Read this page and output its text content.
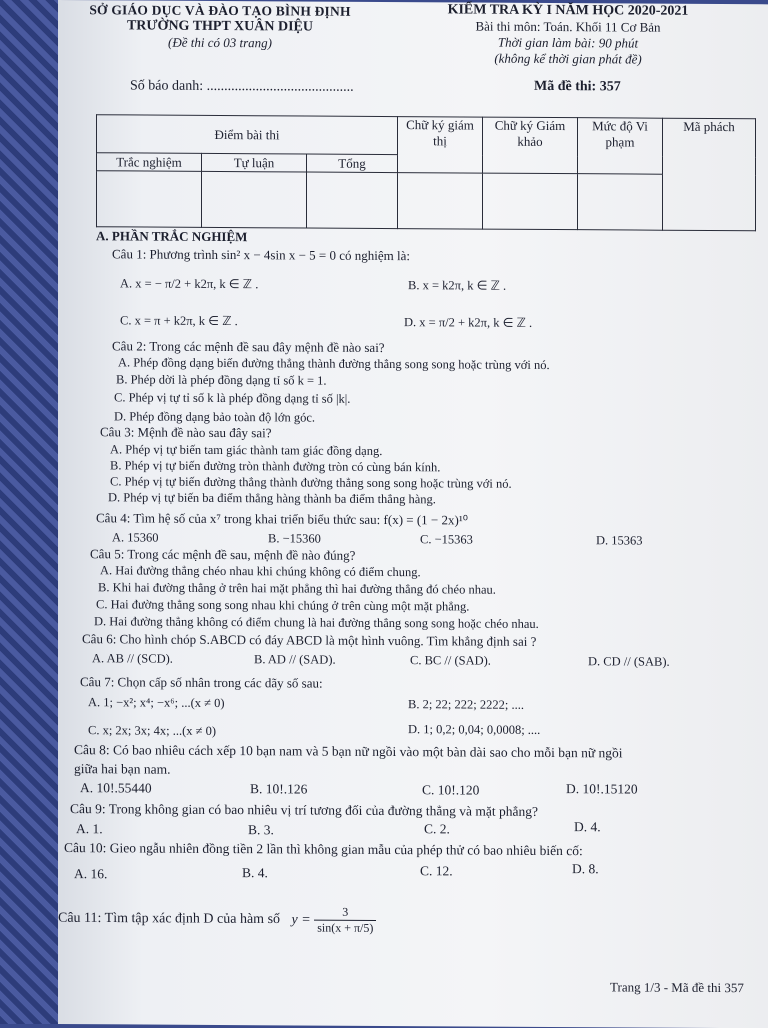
SỞ GIÁO DỤC VÀ ĐÀO TẠO BÌNH ĐỊNH
TRƯỜNG THPT XUÂN DIỆU
(Đề thi có 03 trang)
KIỂM TRA KỲ I NĂM HỌC 2020-2021
Bài thi môn: Toán. Khối 11 Cơ Bản
Thời gian làm bài: 90 phút
(không kể thời gian phát đề)
Số báo danh: ..........................................	Mã đề thi: 357
Điểm bài thi			Chữ ký giám thị	Chữ ký Giám khảo	Mức độ Vi phạm	Mã phách
Trắc nghiệm	Tự luận	Tổng				

A. PHẦN TRẮC NGHIỆM
Câu 1: Phương trình sin² x − 4sin x − 5 = 0 có nghiệm là:
A. x = − π/2 + k2π, k ∈ ℤ .	B. x = k2π, k ∈ ℤ .
C. x = π + k2π, k ∈ ℤ .	D. x = π/2 + k2π, k ∈ ℤ .
Câu 2: Trong các mệnh đề sau đây mệnh đề nào sai?
A. Phép đồng dạng biến đường thẳng thành đường thẳng song song hoặc trùng với nó.
B. Phép dời là phép đồng dạng tỉ số k = 1.
C. Phép vị tự tỉ số k là phép đồng dạng tỉ số |k|.
D. Phép đồng dạng bảo toàn độ lớn góc.
Câu 3: Mệnh đề nào sau đây sai?
A. Phép vị tự biến tam giác thành tam giác đồng dạng.
B. Phép vị tự biến đường tròn thành đường tròn có cùng bán kính.
C. Phép vị tự biến đường thẳng thành đường thẳng song song hoặc trùng với nó.
D. Phép vị tự biến ba điểm thẳng hàng thành ba điểm thẳng hàng.
Câu 4: Tìm hệ số của x⁷ trong khai triển biểu thức sau: f(x) = (1 − 2x)¹⁰
A. 15360	B. −15360	C. −15363	D. 15363
Câu 5: Trong các mệnh đề sau, mệnh đề nào đúng?
A. Hai đường thẳng chéo nhau khi chúng không có điểm chung.
B. Khi hai đường thẳng ở trên hai mặt phẳng thì hai đường thẳng đó chéo nhau.
C. Hai đường thẳng song song nhau khi chúng ở trên cùng một mặt phẳng.
D. Hai đường thẳng không có điểm chung là hai đường thẳng song song hoặc chéo nhau.
Câu 6: Cho hình chóp S.ABCD có đáy ABCD là một hình vuông. Tìm khẳng định sai ?
A. AB // (SCD).	B. AD // (SAD).	C. BC // (SAD).	D. CD // (SAB).
Câu 7: Chọn cấp số nhân trong các dãy số sau:
A. 1; −x²; x⁴; −x⁶; ...(x ≠ 0)	B. 2; 22; 222; 2222; ....
C. x; 2x; 3x; 4x; ...(x ≠ 0)	D. 1; 0,2; 0,04; 0,0008; ....
Câu 8: Có bao nhiêu cách xếp 10 bạn nam và 5 bạn nữ ngồi vào một bàn dài sao cho mỗi bạn nữ ngồi
giữa hai bạn nam.
A. 10!.55440	B. 10!.126	C. 10!.120	D. 10!.15120
Câu 9: Trong không gian có bao nhiêu vị trí tương đối của đường thẳng và mặt phẳng?
A. 1.	B. 3.	C. 2.	D. 4.
Câu 10: Gieo ngẫu nhiên đồng tiền 2 lần thì không gian mẫu của phép thử có bao nhiêu biến cố:
A. 16.	B. 4.	C. 12.	D. 8.
Câu 11: Tìm tập xác định D của hàm số $y = \frac{3}{\sin(x + \pi/5)}$
Trang 1/3 - Mã đề thi 357
